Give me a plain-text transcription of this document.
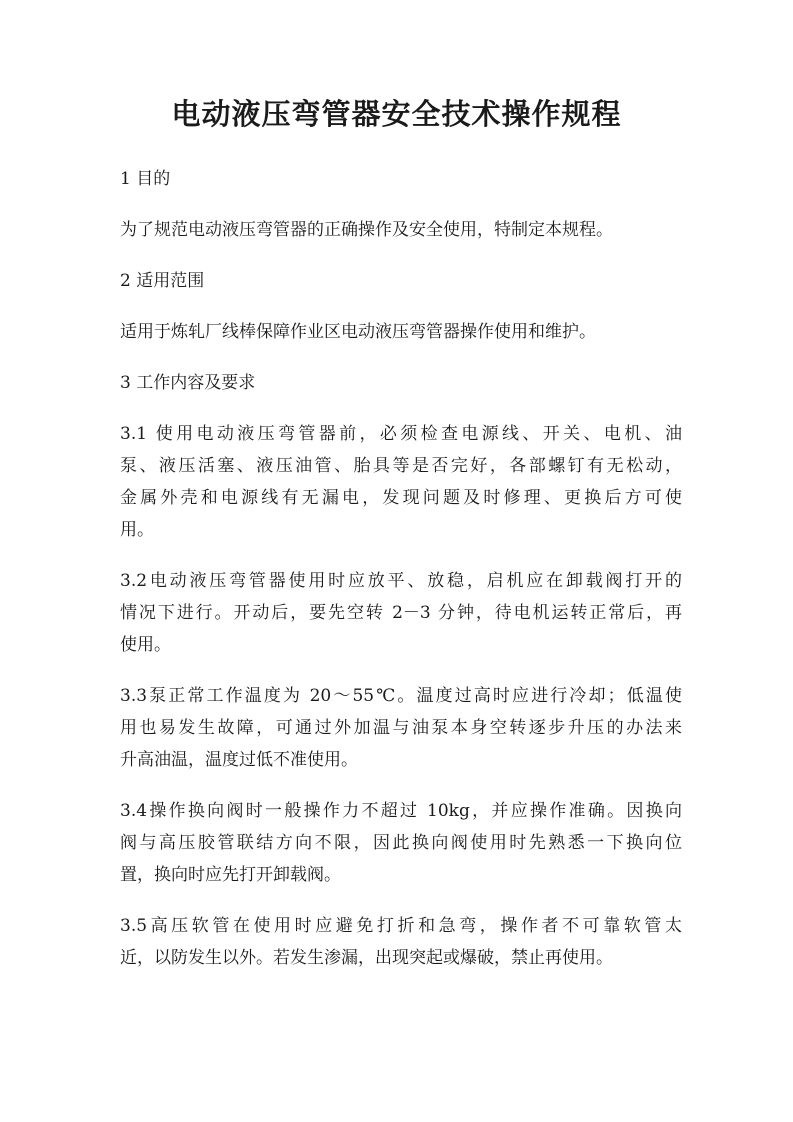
电动液压弯管器安全技术操作规程
1 目的
为了规范电动液压弯管器的正确操作及安全使用，特制定本规程。
2 适用范围
适用于炼轧厂线棒保障作业区电动液压弯管器操作使用和维护。
3 工作内容及要求
3.1 使用电动液压弯管器前，必须检查电源线、开关、电机、油
泵、液压活塞、液压油管、胎具等是否完好，各部螺钉有无松动，
金属外壳和电源线有无漏电，发现问题及时修理、更换后方可使
用。
3.2电动液压弯管器使用时应放平、放稳，启机应在卸载阀打开的
情况下进行。开动后，要先空转 2－3 分钟，待电机运转正常后，再
使用。
3.3泵正常工作温度为 20～55℃。温度过高时应进行冷却；低温使
用也易发生故障，可通过外加温与油泵本身空转逐步升压的办法来
升高油温，温度过低不准使用。
3.4操作换向阀时一般操作力不超过 10kg，并应操作准确。因换向
阀与高压胶管联结方向不限，因此换向阀使用时先熟悉一下换向位
置，换向时应先打开卸载阀。
3.5高压软管在使用时应避免打折和急弯，操作者不可靠软管太
近，以防发生以外。若发生渗漏，出现突起或爆破，禁止再使用。
